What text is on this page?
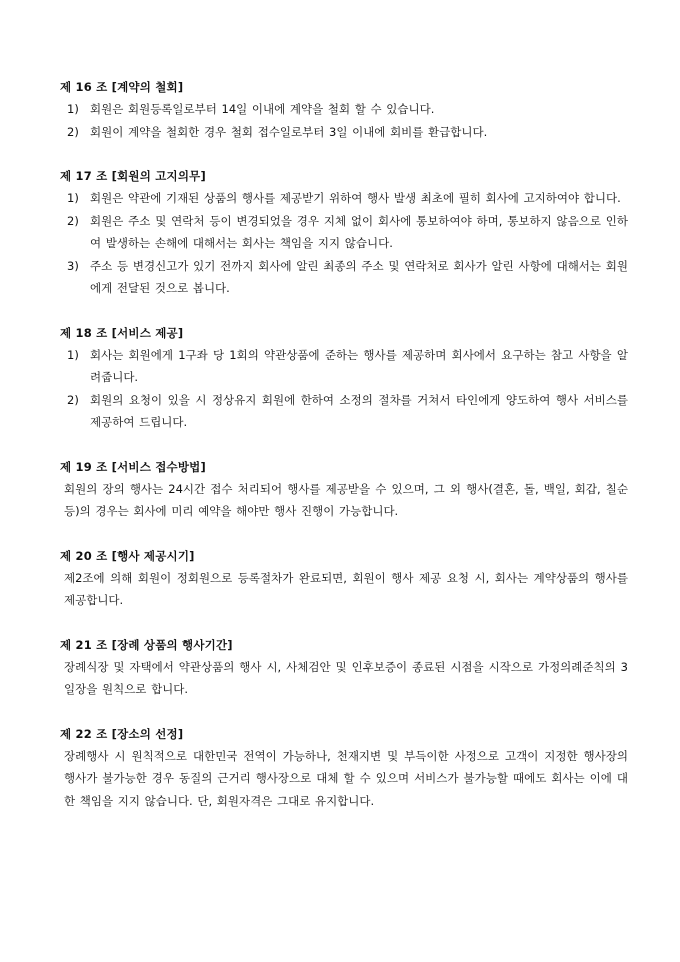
제 16 조 [계약의 철회]
1) 회원은 회원등록일로부터 14일 이내에 계약을 철회 할 수 있습니다.
2) 회원이 계약을 철회한 경우 철회 접수일로부터 3일 이내에 회비를 환급합니다.
제 17 조 [회원의 고지의무]
1) 회원은 약관에 기재된 상품의 행사를 제공받기 위하여 행사 발생 최초에 필히 회사에 고지하여야 합니다.
2) 회원은 주소 및 연락처 등이 변경되었을 경우 지체 없이 회사에 통보하여야 하며, 통보하지 않음으로 인하여 발생하는 손해에 대해서는 회사는 책임을 지지 않습니다.
3) 주소 등 변경신고가 있기 전까지 회사에 알린 최종의 주소 및 연락처로 회사가 알린 사항에 대해서는 회원에게 전달된 것으로 봅니다.
제 18 조 [서비스 제공]
1) 회사는 회원에게 1구좌 당 1회의 약관상품에 준하는 행사를 제공하며 회사에서 요구하는 참고 사항을 알려줍니다.
2) 회원의 요청이 있을 시 정상유지 회원에 한하여 소정의 절차를 거쳐서 타인에게 양도하여 행사 서비스를 제공하여 드립니다.
제 19 조 [서비스 접수방법]
회원의 장의 행사는 24시간 접수 처리되어 행사를 제공받을 수 있으며, 그 외 행사(결혼, 돌, 백일, 회갑, 칠순 등)의 경우는 회사에 미리 예약을 해야만 행사 진행이 가능합니다.
제 20 조 [행사 제공시기]
제2조에 의해 회원이 정회원으로 등록절차가 완료되면, 회원이 행사 제공 요청 시, 회사는 계약상품의 행사를 제공합니다.
제 21 조 [장례 상품의 행사기간]
장례식장 및 자택에서 약관상품의 행사 시, 사체검안 및 인후보증이 종료된 시점을 시작으로 가정의례준칙의 3일장을 원칙으로 합니다.
제 22 조 [장소의 선정]
장례행사 시 원칙적으로 대한민국 전역이 가능하나, 천재지변 및 부득이한 사정으로 고객이 지정한 행사장의 행사가 불가능한 경우 동질의 근거리 행사장으로 대체 할 수 있으며 서비스가 불가능할 때에도 회사는 이에 대한 책임을 지지 않습니다. 단, 회원자격은 그대로 유지합니다.
